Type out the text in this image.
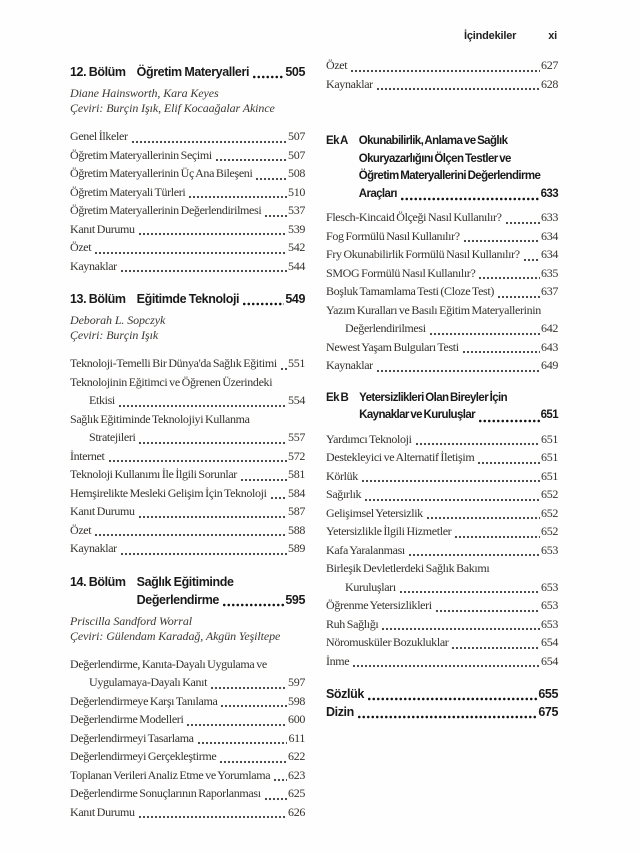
12. Bölüm Öğretim Materyalleri	505
Diane Hainsworth, Kara Keyes
Çeviri: Burçin Işık, Elif Kocaağalar Akince
Genel İlkeler	507
Öğretim Materyallerinin Seçimi	507
Öğretim Materyallerinin Üç Ana Bileşeni	508
Öğretim Materyali Türleri	510
Öğretim Materyallerinin Değerlendirilmesi 537
Kanıt Durumu	539
Özet	542
Kaynaklar	544
13. Bölüm Eğitimde Teknoloji	549
Deborah L. Sopczyk
Çeviri: Burçin Işık
Teknoloji-Temelli Bir Dünya'da Sağlık Eğitimi 551
Teknolojinin Eğitimci ve Öğrenen Üzerindeki
Etkisi	554
Sağlık Eğitiminde Teknolojiyi Kullanma
Stratejileri	557
İnternet	572
Teknoloji Kullanımı İle İlgili Sorunlar	581
Hemşirelikte Mesleki Gelişim İçin Teknoloji 584
Kanıt Durumu	587
Özet	588
Kaynaklar	589
14. Bölüm Sağlık Eğitiminde
Değerlendirme	595
Priscilla Sandford Worral
Çeviri: Gülendam Karadağ, Akgün Yeşiltepe
Değerlendirme, Kanıta-Dayalı Uygulama ve
Uygulamaya-Dayalı Kanıt	597
Değerlendirmeye Karşı Tanılama	598
Değerlendirme Modelleri	600
Değerlendirmeyi Tasarlama	611
Değerlendirmeyi Gerçekleştirme	622
Toplanan Verileri Analiz Etme ve Yorumlama 623
Değerlendirme Sonuçlarının Raporlanması 625
Kanıt Durumu	626
İçindekiler	xi
Özet	627
Kaynaklar	628
Ek A Okunabilirlik, Anlama ve Sağlık
Okuryazarlığını Ölçen Testler ve
Öğretim Materyallerini Değerlendirme
Araçları	633
Flesch-Kincaid Ölçeği Nasıl Kullanılır?	633
Fog Formülü Nasıl Kullanılır?	634
Fry Okunabilirlik Formülü Nasıl Kullanılır? 634
SMOG Formülü Nasıl Kullanılır?	635
Boşluk Tamamlama Testi (Cloze Test)	637
Yazım Kuralları ve Basılı Eğitim Materyallerinin
Değerlendirilmesi	642
Newest Yaşam Bulguları Testi	643
Kaynaklar	649
Ek B Yetersizlikleri Olan Bireyler İçin
Kaynaklar ve Kuruluşlar	651
Yardımcı Teknoloji	651
Destekleyici ve Alternatif İletişim	651
Körlük	651
Sağırlık	652
Gelişimsel Yetersizlik	652
Yetersizlikle İlgili Hizmetler	652
Kafa Yaralanması	653
Birleşik Devletlerdeki Sağlık Bakımı
Kuruluşları	653
Öğrenme Yetersizlikleri	653
Ruh Sağlığı	653
Nöromusküler Bozukluklar	654
İnme	654
Sözlük	655
Dizin	675
